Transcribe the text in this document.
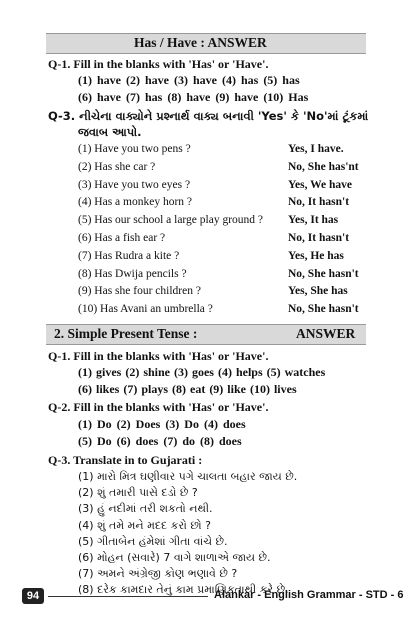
Has / Have : ANSWER
Q-1. Fill in the blanks with 'Has' or 'Have'.
(1) have (2) have (3) have (4) has (5) has
(6) have (7) has (8) have (9) have (10) Has
Q-3. નીચેના વાક્યોને પ્રશ્નાર્થ વાક્ય બનાવી 'Yes' કે 'No'માં ટૂંકમાં
જવાબ આપો.
(1) Have you two pens ?	Yes, I have.
(2) Has she car ?	No, She has'nt
(3) Have you two eyes ?	Yes, We have
(4) Has a monkey horn ?	No, It hasn't
(5) Has our school a large play ground ? Yes, It has
(6) Has a fish ear ?	No, It hasn't
(7) Has Rudra a kite ?	Yes, He has
(8) Has Dwija pencils ?	No, She hasn't
(9) Has she four children ?	Yes, She has
(10) Has Avani an umbrella ?	No, She hasn't
2. Simple Present Tense :	ANSWER
Q-1. Fill in the blanks with 'Has' or 'Have'.
(1) gives (2) shine (3) goes (4) helps (5) watches
(6) likes (7) plays (8) eat (9) like (10) lives
Q-2. Fill in the blanks with 'Has' or 'Have'.
(1) Do (2) Does (3) Do (4) does
(5) Do (6) does (7) do (8) does
Q-3. Translate in to Gujarati :
(1) મારો મિત્ર ઘણીવાર પગે ચાલતા બહાર જાય છે.
(2) શું તમારી પાસે દડો છે ?
(3) હું નદીમાં તરી શકતો નથી.
(4) શું તમે મને મદદ કરો છો ?
(5) ગીતાબેન હંમેશાં ગીતા વાંચે છે.
(6) મોહન (સવારે) 7 વાગે શાળાએ જાય છે.
(7) અમને અંગ્રેજી કોણ ભણાવે છે ?
(8) દરેક કામદાર તેનું કામ પ્રમાણિકતાથી કરે છે.
94	Alankar - English Grammar - STD - 6
